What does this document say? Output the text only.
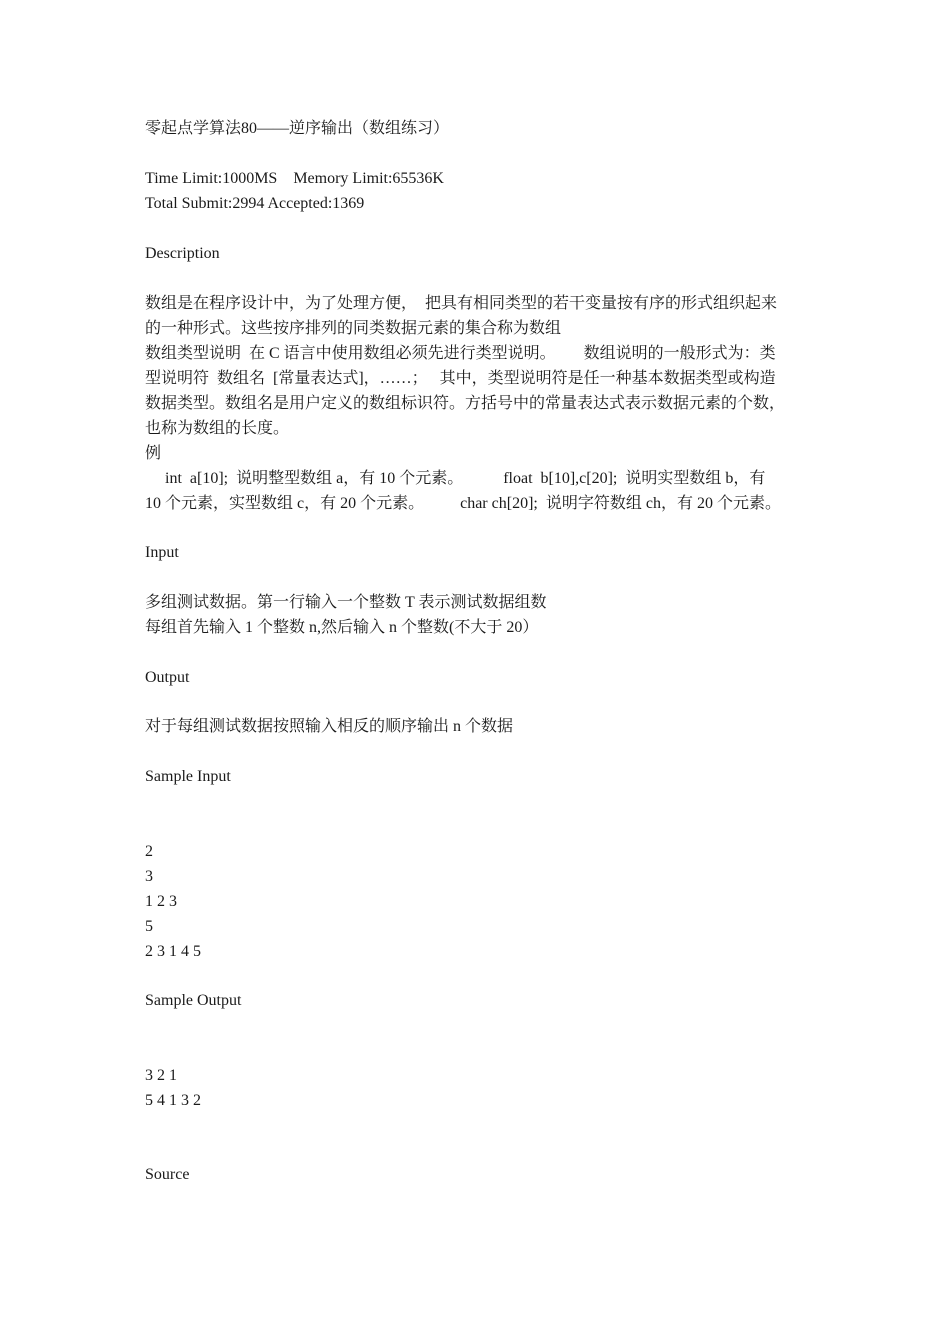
零起点学算法80——逆序输出（数组练习）
Time Limit:1000MS    Memory Limit:65536K
Total Submit:2994 Accepted:1369
Description
数组是在程序设计中，为了处理方便，  把具有相同类型的若干变量按有序的形式组织起来
的一种形式。这些按序排列的同类数据元素的集合称为数组
数组类型说明  在 C 语言中使用数组必须先进行类型说明。       数组说明的一般形式为：类
型说明符  数组名  [常量表达式]，……；   其中，类型说明符是任一种基本数据类型或构造
数据类型。数组名是用户定义的数组标识符。方括号中的常量表达式表示数据元素的个数，
也称为数组的长度。
例
int  a[10];  说明整型数组 a，有 10 个元素。          float  b[10],c[20];  说明实型数组 b，有
10 个元素，实型数组 c，有 20 个元素。         char ch[20];  说明字符数组 ch，有 20 个元素。
Input
多组测试数据。第一行输入一个整数 T 表示测试数据组数
每组首先输入 1 个整数 n,然后输入 n 个整数(不大于 20）
Output
对于每组测试数据按照输入相反的顺序输出 n 个数据
Sample Input
2
3
1 2 3
5
2 3 1 4 5
Sample Output
3 2 1
5 4 1 3 2
Source
